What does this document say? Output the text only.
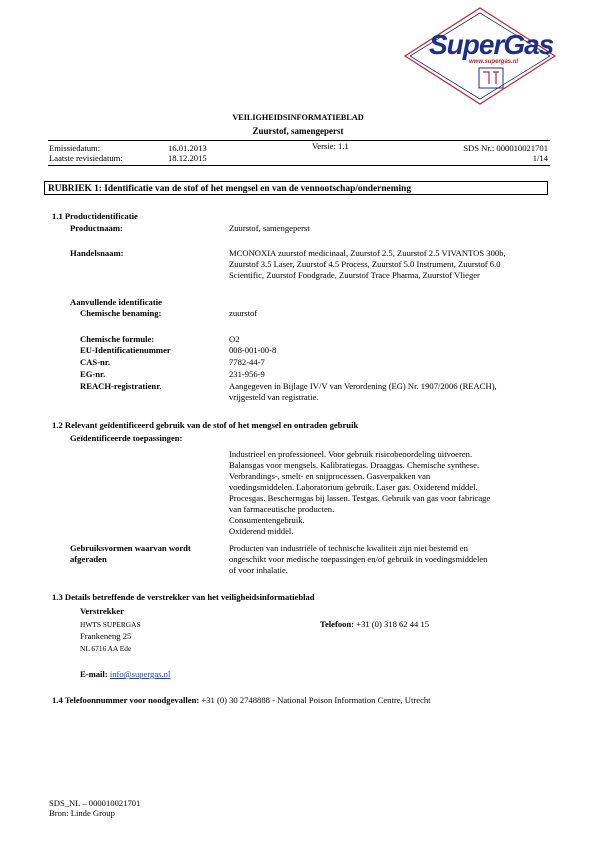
SuperGas
www.supergas.nl
VEILIGHEIDSINFORMATIEBLAD
Zuurstof, samengeperst
Emissiedatum:	16.01.2013	Versie: 1.1	SDS Nr.: 000010021701
Laatste revisiedatum:	18.12.2015	1/14
RUBRIEK 1: Identificatie van de stof of het mengsel en van de vennootschap/onderneming
1.1 Productidentificatie
Productnaam:	Zuurstof, samengeperst
Handelsnaam:	MCONOXIA zuurstof medicinaal, Zuurstof 2.5, Zuurstof 2.5 VIVANTOS 300b,
Zuurstof 3.5 Laser, Zuurstof 4.5 Process, Zuurstof 5.0 Instrument, Zuurstof 6.0
Scientific, Zuurstof Foodgrade, Zuurstof Trace Pharma, Zuurstof Vlieger
Aanvullende identificatie
Chemische benaming:	zuurstof
Chemische formule:	O2
EU-Identificatienummer	008-001-00-8
CAS-nr.	7782-44-7
EG-nr.	231-956-9
REACH-registratienr.	Aangegeven in Bijlage IV/V van Verordening (EG) Nr. 1907/2006 (REACH),
vrijgesteld van registratie.
1.2 Relevant geïdentificeerd gebruik van de stof of het mengsel en ontraden gebruik
Geïdentificeerde toepassingen:
Industrieel en professioneel. Voor gebruik risicobeoordeling uitvoeren.
Balansgas voor mengsels. Kalibratiegas. Draaggas. Chemische synthese.
Verbrandings-, smelt- en snijprocessen. Gasverpakken van
voedingsmiddelen. Laboratorium gebruik. Laser gas. Oxiderend middel.
Procesgas. Beschermgas bij lassen. Testgas. Gebruik van gas voor fabricage
van farmaceutische producten.
Consumentengebruik.
Oxiderend middel.
Gebruiksvormen waarvan wordt
afgeraden
Producten van industriële of technische kwaliteit zijn niet bestemd en
ongeschikt voor medische toepassingen en/of gebruik in voedingsmiddelen
of voor inhalatie.
1.3 Details betreffende de verstrekker van het veiligheidsinformatieblad
Verstrekker
HWTS SUPERGAS
Frankeneng 25
NL 6716 AA Ede
Telefoon: +31 (0) 318 62 44 15
E-mail: info@supergas.nl
1.4 Telefoonnummer voor noodgevallen: +31 (0) 30 2748888 - National Poison Information Centre, Utrecht
SDS_NL – 000010021701
Bron: Linde Group
